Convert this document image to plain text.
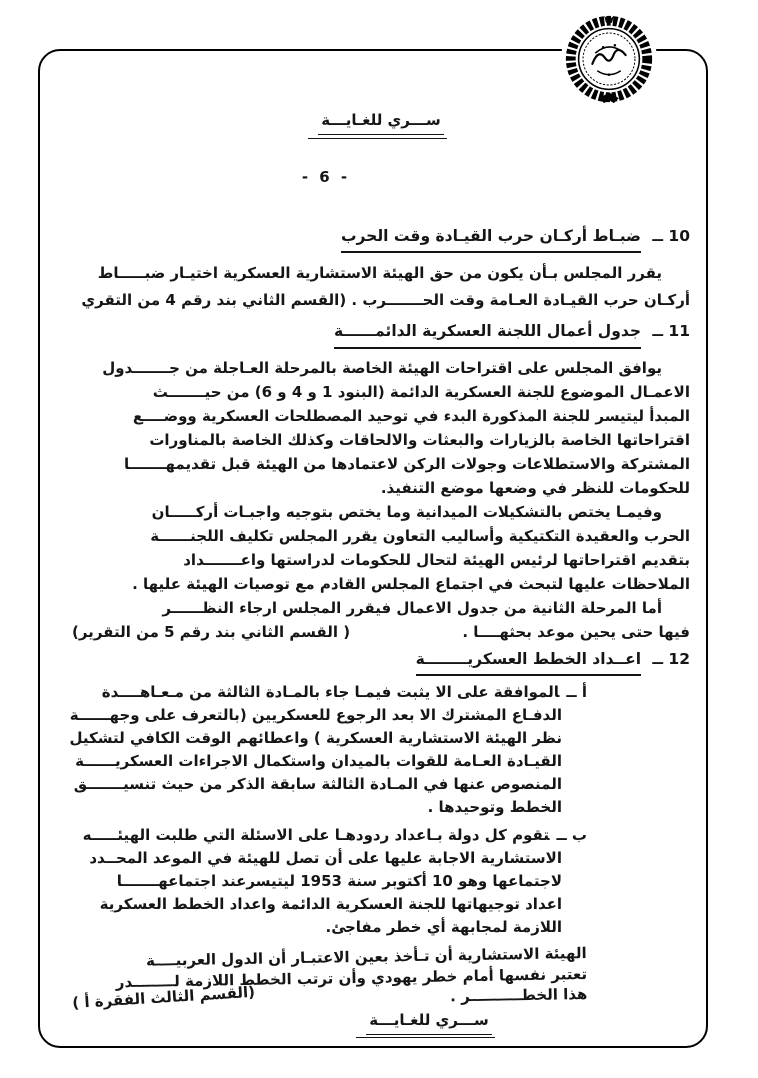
ســـري للغـايـــة
- 6 -
10 ــ ضبـاط أركـان حرب القيـادة وقت الحرب
يقرر المجلس بـأن يكون من حق الهيئة الاستشارية العسكرية اختيـار ضبـــــاط
أركـان حرب القيـادة العـامة وقت الحـــــــرب . (القسم الثاني بند رقم 4 من التقري
11 ــ جدول أعمال اللجنة العسكرية الدائمــــــة
يوافق المجلس على اقتراحات الهيئة الخاصة بالمرحلة العـاجلة من جـــــــدول
الاعمـال الموضوع للجنة العسكرية الدائمة (البنود 1 و 4 و 6) من حيـــــــث
المبدأ ليتيسر للجنة المذكورة البدء في توحيد المصطلحات العسكرية ووضــــع
اقتراحاتها الخاصة بالزيارات والبعثات والالحاقات وكذلك الخاصة بالمناورات
المشتركة والاستطلاعات وجولات الركن لاعتمادها من الهيئة قبل تقديمهـــــــا
للحكومات للنظر في وضعها موضع التنفيذ.
وفيمـا يختص بالتشكيلات الميدانية وما يختص بتوجيه واجبـات أركـــــان
الحرب والعقيدة التكتيكية وأساليب التعاون يقرر المجلس تكليف اللجنــــــة
بتقديم اقتراحاتها لرئيس الهيئة لتحال للحكومات لدراستها واعـــــــداد
الملاحظات عليها لتبحث في اجتماع المجلس القادم مع توصيات الهيئة عليها .
أما المرحلة الثانية من جدول الاعمال فيقرر المجلس ارجاء النظــــــر
فيها حتى يحين موعد بحثهــــا .
( القسم الثاني بند رقم 5 من التقرير)
12 ــ اعــداد الخطط العسكريــــــــة
أ ــالموافقة على الا يثبت فيمـا جاء بالمـادة الثالثة من مـعـاهــــدة
الدفـاع المشترك الا بعد الرجوع للعسكريين (بالتعرف على وجهــــــة
نظر الهيئة الاستشارية العسكرية ) واعطائهم الوقت الكافي لتشكيل
القيـادة العـامة للقوات بالميدان واستكمال الاجراءات العسكريــــــة
المنصوص عنها في المـادة الثالثة سابقة الذكر من حيث تنسيـــــــق
الخطط وتوحيدها .
ب ــتقوم كل دولة بـاعداد ردودهـا على الاسئلة التي طلبت الهيئـــــه
الاستشارية الاجابة عليها على أن تصل للهيئة في الموعد المحــدد
لاجتماعها وهو 10 أكتوبر سنة 1953 ليتيسرعند اجتماعهـــــــا
اعداد توجيهاتها للجنة العسكرية الدائمة واعداد الخطط العسكرية
اللازمة لمجابهة أي خطر مفاجئ.
الهيئة الاستشارية أن تـأخذ بعين الاعتبـار أن الدول العربيــــة
تعتبر نفسها أمام خطر يهودي وأن ترتب الخطط اللازمة لــــــــدر
هذا الخطــــــــــر .
(القسم الثالث الفقرة أ )
ســـري للغـايـــة
